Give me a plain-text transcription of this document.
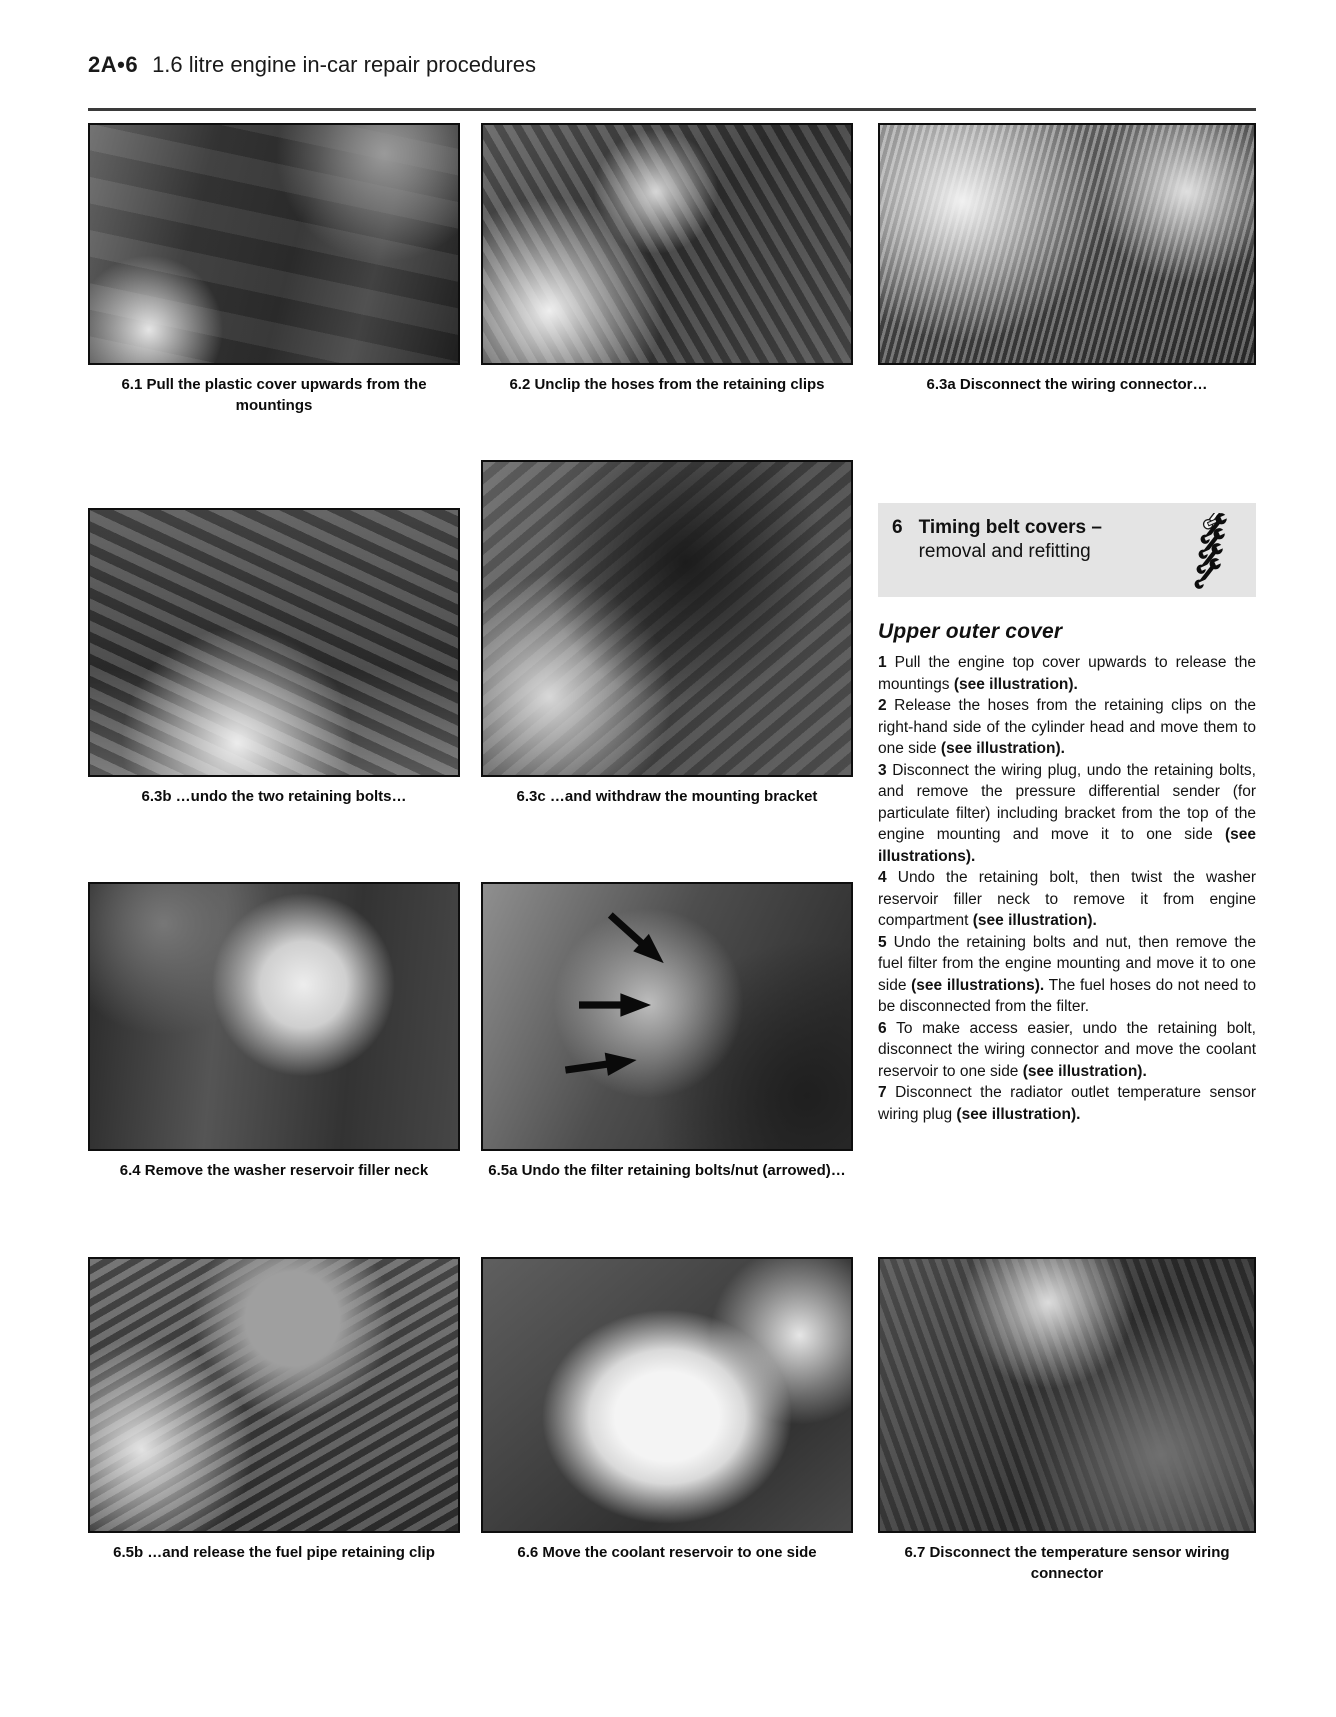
2A•6 1.6 litre engine in-car repair procedures
6.1 Pull the plastic cover upwards from the mountings
6.2 Unclip the hoses from the retaining clips	6.3a Disconnect the wiring connector…
6.3b …undo the two retaining bolts…	6.3c …and withdraw the mounting bracket
6 Timing belt covers –
removal and refitting
Upper outer cover

1 Pull the engine top cover upwards to release the mountings (see illustration).

2 Release the hoses from the retaining clips on the right-hand side of the cylinder head and move them to one side (see illustration).

3 Disconnect the wiring plug, undo the retaining bolts, and remove the pressure differential sender (for particulate filter) including bracket from the top of the engine mounting and move it to one side (see illustrations).

4 Undo the retaining bolt, then twist the washer reservoir filler neck to remove it from engine compartment (see illustration).

5 Undo the retaining bolts and nut, then remove the fuel filter from the engine mounting and move it to one side (see illustrations). The fuel hoses do not need to be disconnected from the filter.

6 To make access easier, undo the retaining bolt, disconnect the wiring connector and move the coolant reservoir to one side (see illustration).

7 Disconnect the radiator outlet temperature sensor wiring plug (see illustration).

6.4 Remove the washer reservoir filler neck	6.5a Undo the filter retaining bolts/nut (arrowed)…
6.5b …and release the fuel pipe retaining clip	6.6 Move the coolant reservoir to one side	6.7 Disconnect the temperature sensor wiring connector
